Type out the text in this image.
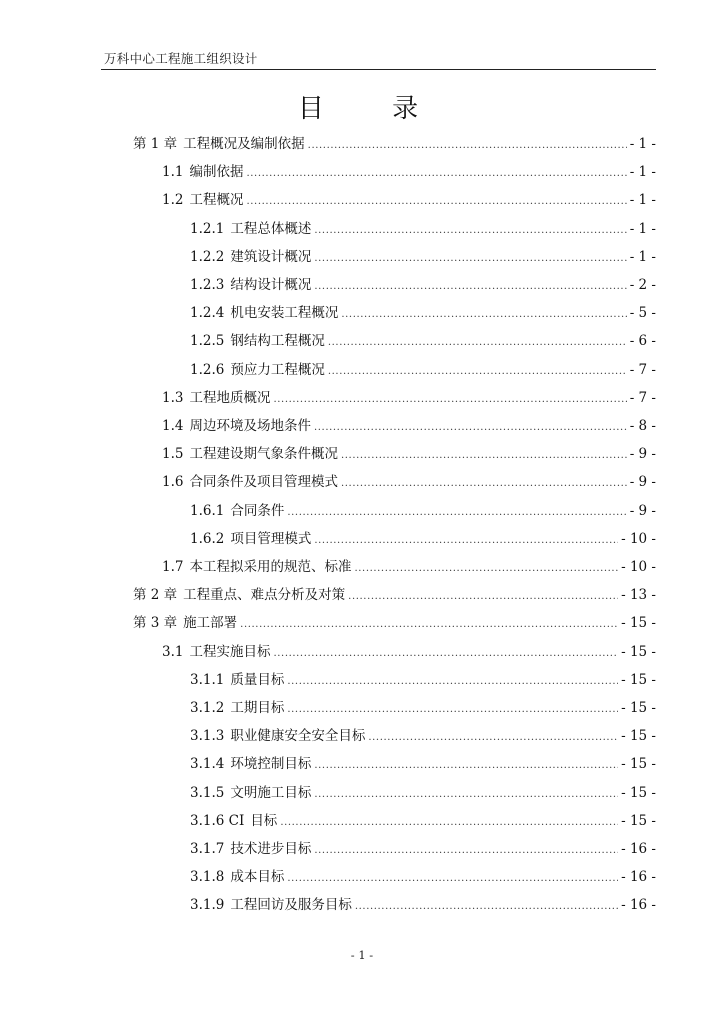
万科中心工程施工组织设计
目 录
第 1 章 工程概况及编制依据 .....	- 1 -
1.1 编制依据 .....	- 1 -
1.2 工程概况 .....	- 1 -
1.2.1 工程总体概述 .....	- 1 -
1.2.2 建筑设计概况 .....	- 1 -
1.2.3 结构设计概况 .....	- 2 -
1.2.4 机电安装工程概况 .....	- 5 -
1.2.5 钢结构工程概况 .....	- 6 -
1.2.6 预应力工程概况 .....	- 7 -
1.3 工程地质概况 .....	- 7 -
1.4 周边环境及场地条件 .....	- 8 -
1.5 工程建设期气象条件概况 .....	- 9 -
1.6 合同条件及项目管理模式 .....	- 9 -
1.6.1 合同条件 .....	- 9 -
1.6.2 项目管理模式 .....	- 10 -
1.7 本工程拟采用的规范、标准 .....	- 10 -
第 2 章 工程重点、难点分析及对策 .....	- 13 -
第 3 章 施工部署 .....	- 15 -
3.1 工程实施目标 .....	- 15 -
3.1.1 质量目标 .....	- 15 -
3.1.2 工期目标 .....	- 15 -
3.1.3 职业健康安全安全目标 .....	- 15 -
3.1.4 环境控制目标 .....	- 15 -
3.1.5 文明施工目标 .....	- 15 -
3.1.6 CI 目标 .....	- 15 -
3.1.7 技术进步目标 .....	- 16 -
3.1.8 成本目标 .....	- 16 -
3.1.9 工程回访及服务目标 .....	- 16 -
- 1 -
